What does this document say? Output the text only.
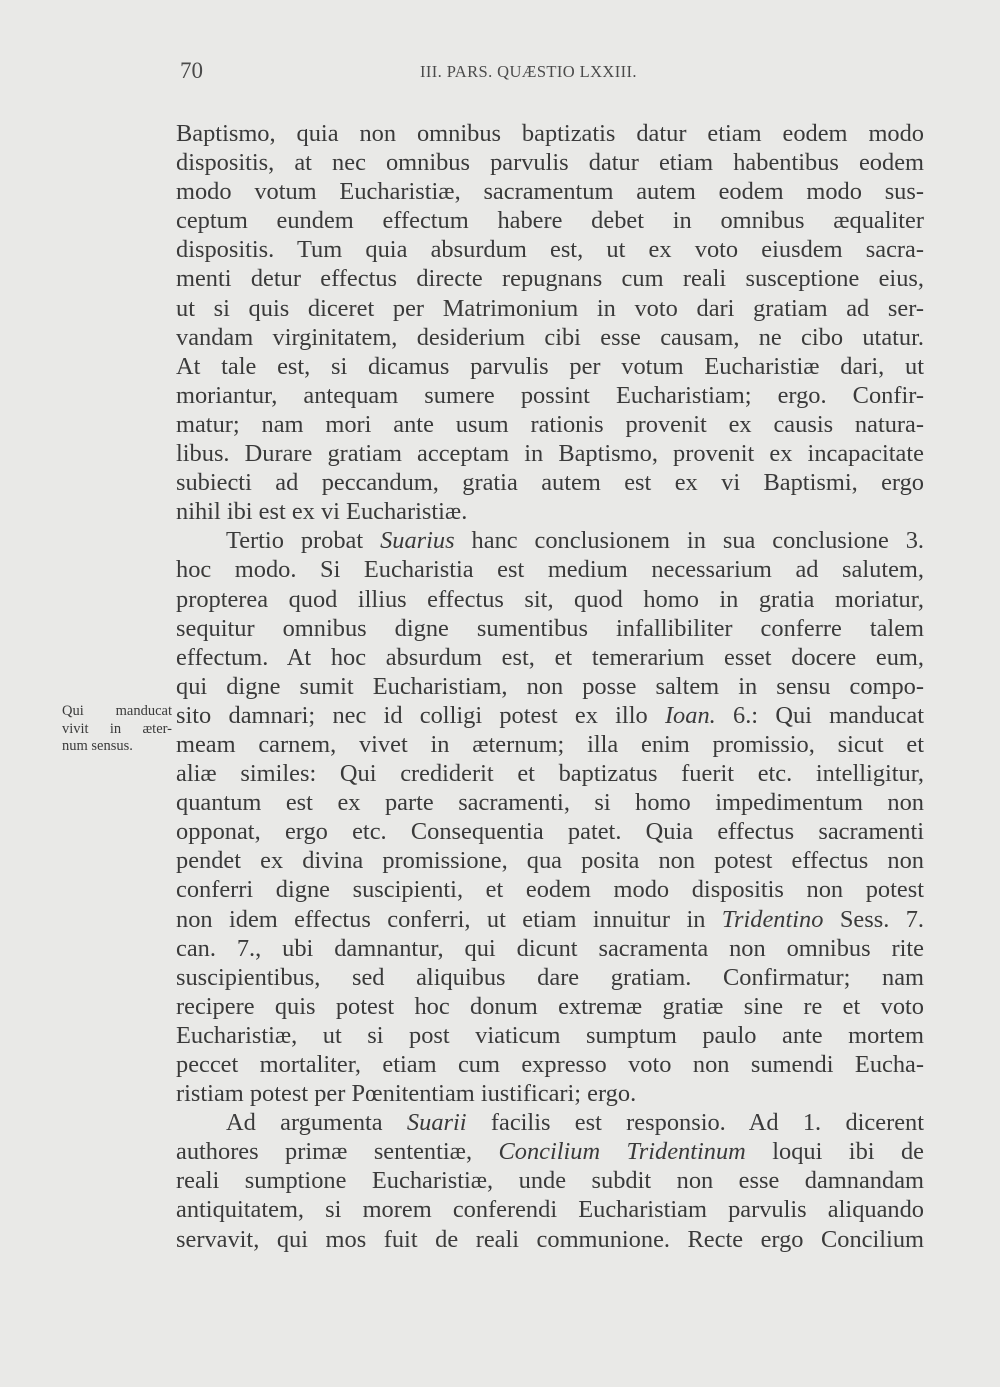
70	III. PARS. QUÆSTIO LXXIII.
Qui manducat
vivit in æter-
num sensus.
Baptismo, quia non omnibus baptizatis datur etiam eodem modo
dispositis, at nec omnibus parvulis datur etiam habentibus eodem
modo votum Eucharistiæ, sacramentum autem eodem modo sus-
ceptum eundem effectum habere debet in omnibus æqualiter
dispositis. Tum quia absurdum est, ut ex voto eiusdem sacra-
menti detur effectus directe repugnans cum reali susceptione eius,
ut si quis diceret per Matrimonium in voto dari gratiam ad ser-
vandam virginitatem, desiderium cibi esse causam, ne cibo utatur.
At tale est, si dicamus parvulis per votum Eucharistiæ dari, ut
moriantur, antequam sumere possint Eucharistiam; ergo. Confir-
matur; nam mori ante usum rationis provenit ex causis natura-
libus. Durare gratiam acceptam in Baptismo, provenit ex incapacitate
subiecti ad peccandum, gratia autem est ex vi Baptismi, ergo
nihil ibi est ex vi Eucharistiæ.
Tertio probat Suarius hanc conclusionem in sua conclusione 3.
hoc modo. Si Eucharistia est medium necessarium ad salutem,
propterea quod illius effectus sit, quod homo in gratia moriatur,
sequitur omnibus digne sumentibus infallibiliter conferre talem
effectum. At hoc absurdum est, et temerarium esset docere eum,
qui digne sumit Eucharistiam, non posse saltem in sensu compo-
sito damnari; nec id colligi potest ex illo Ioan. 6.: Qui manducat
meam carnem, vivet in æternum; illa enim promissio, sicut et
aliæ similes: Qui crediderit et baptizatus fuerit etc. intelligitur,
quantum est ex parte sacramenti, si homo impedimentum non
opponat, ergo etc. Consequentia patet. Quia effectus sacramenti
pendet ex divina promissione, qua posita non potest effectus non
conferri digne suscipienti, et eodem modo dispositis non potest
non idem effectus conferri, ut etiam innuitur in Tridentino Sess. 7.
can. 7., ubi damnantur, qui dicunt sacramenta non omnibus rite
suscipientibus, sed aliquibus dare gratiam. Confirmatur; nam
recipere quis potest hoc donum extremæ gratiæ sine re et voto
Eucharistiæ, ut si post viaticum sumptum paulo ante mortem
peccet mortaliter, etiam cum expresso voto non sumendi Eucha-
ristiam potest per Pœnitentiam iustificari; ergo.
Ad argumenta Suarii facilis est responsio. Ad 1. dicerent
authores primæ sententiæ, Concilium Tridentinum loqui ibi de
reali sumptione Eucharistiæ, unde subdit non esse damnandam
antiquitatem, si morem conferendi Eucharistiam parvulis aliquando
servavit, qui mos fuit de reali communione. Recte ergo Concilium
